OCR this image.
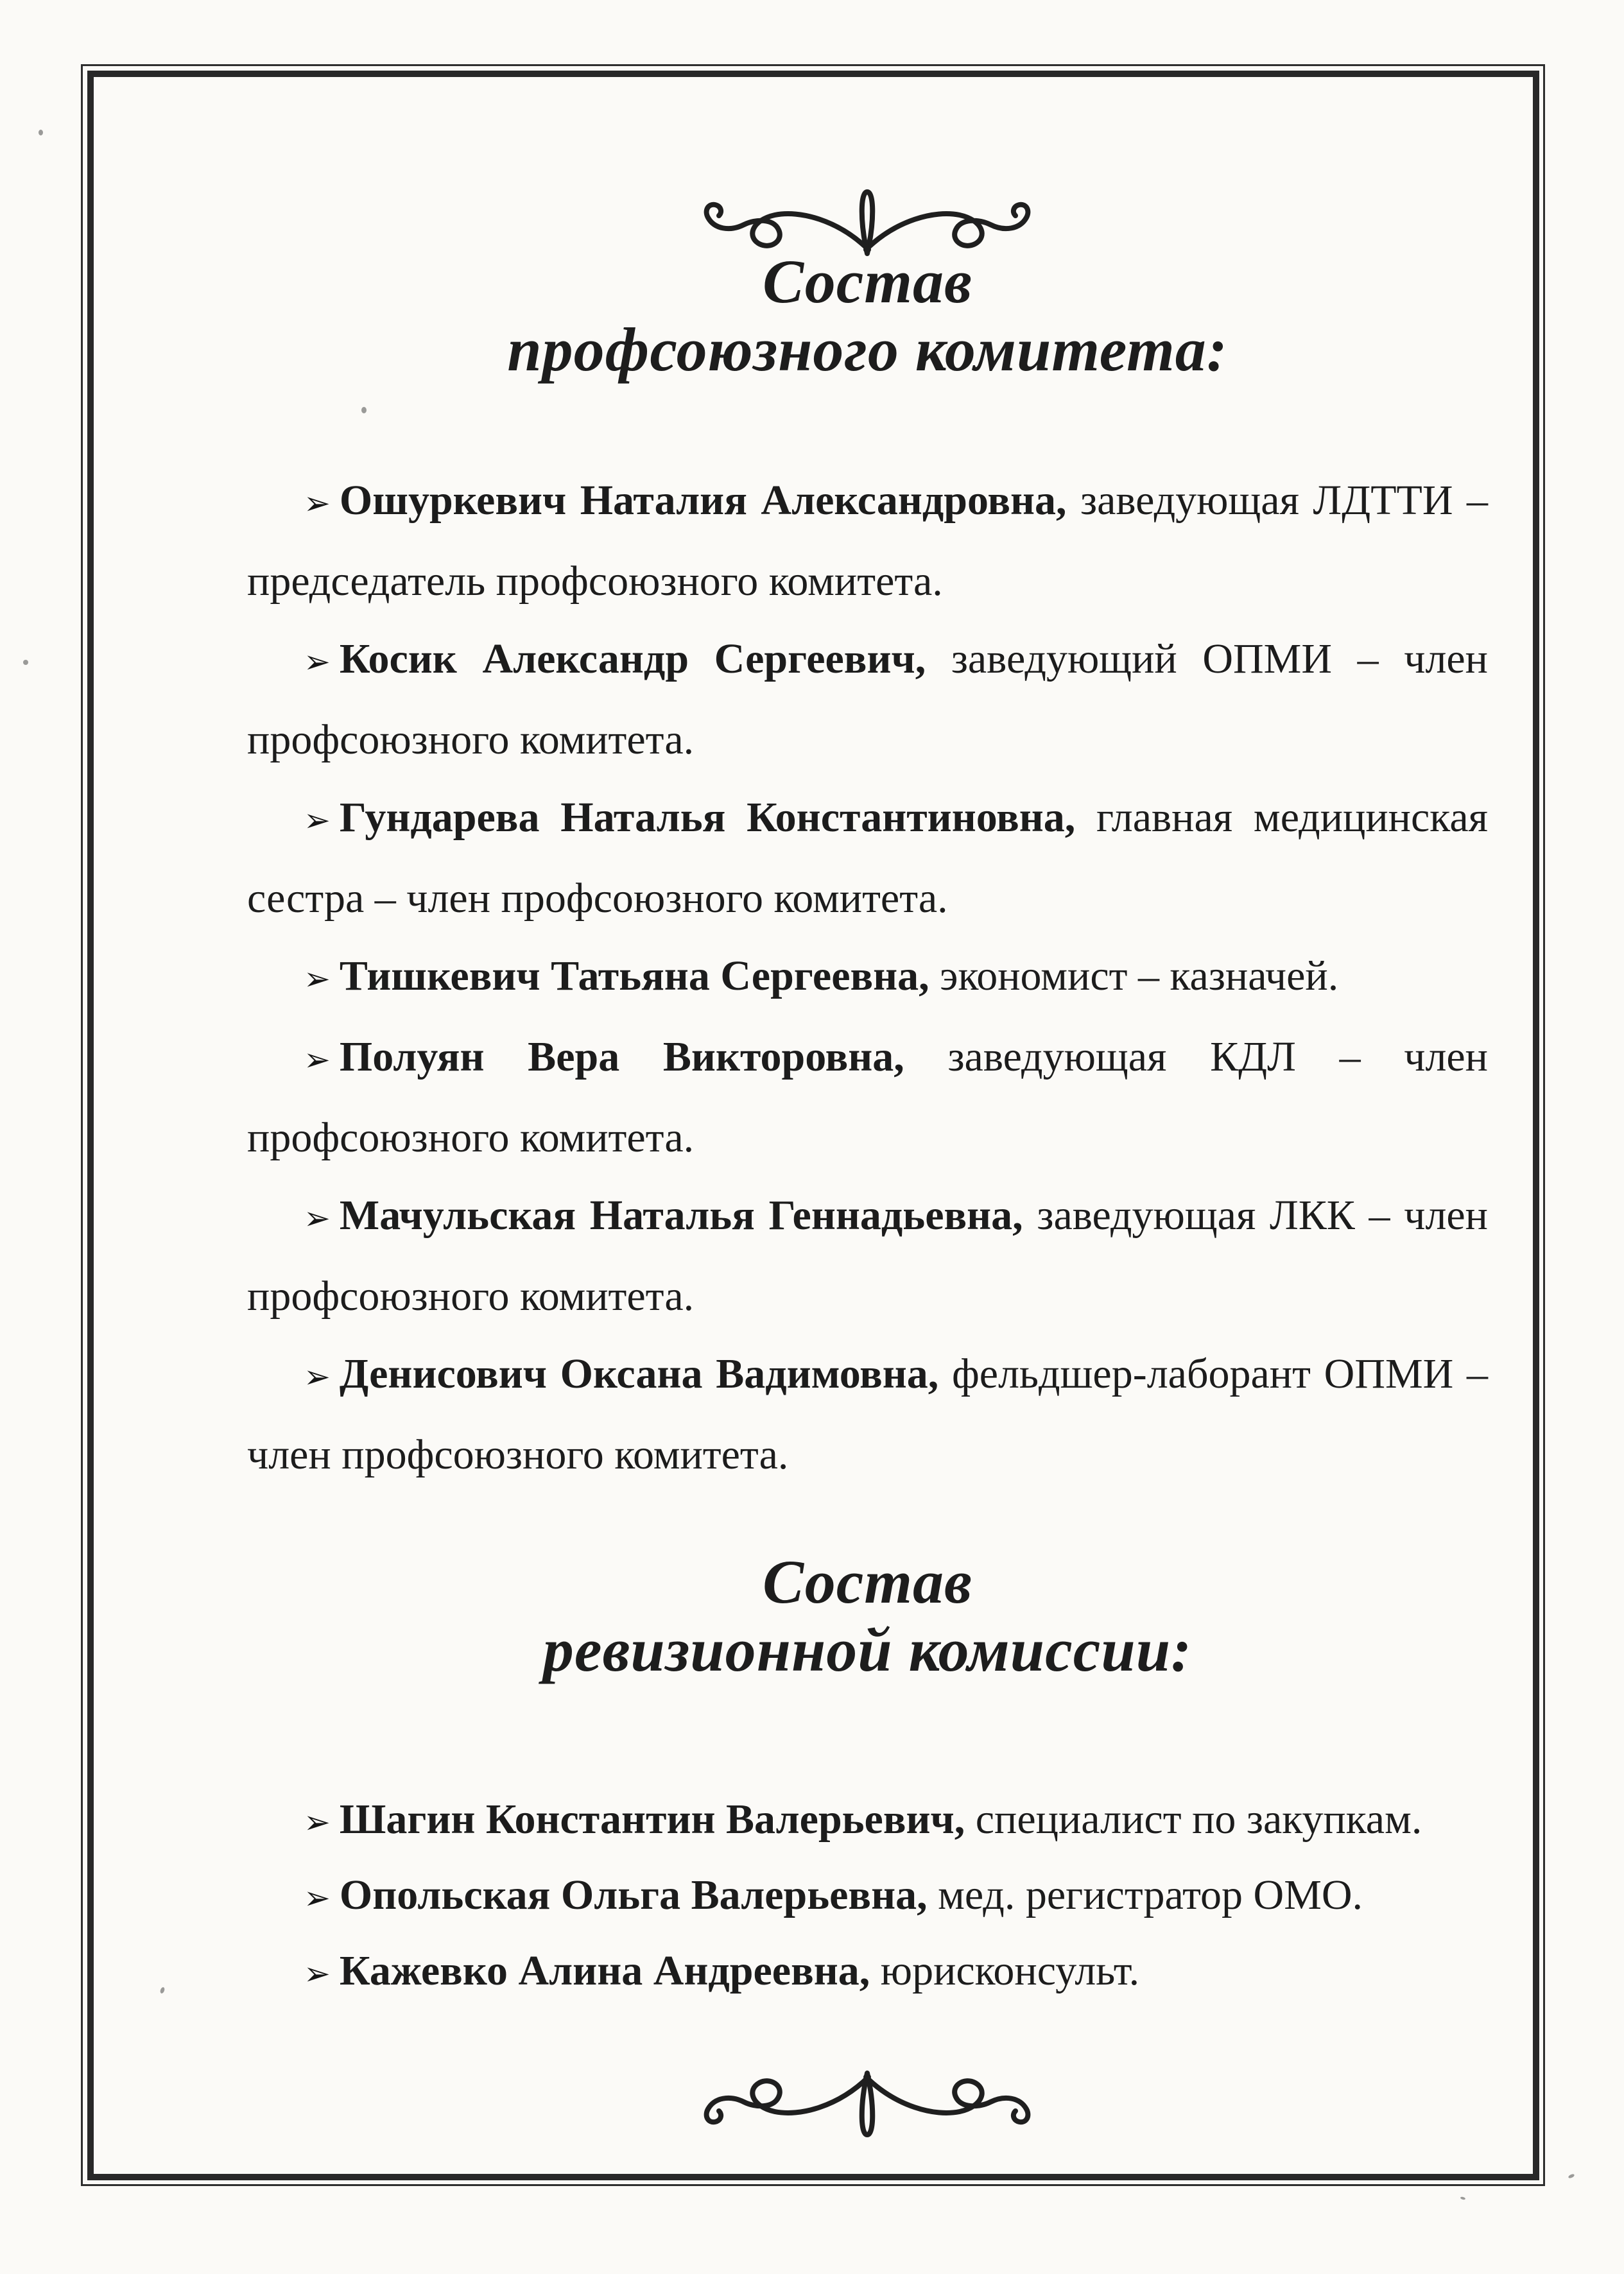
Состав
профсоюзного комитета:
➢ Ошуркевич Наталия Александровна, заведующая ЛДТТИ –
председатель профсоюзного комитета.
➢ Косик Александр Сергеевич, заведующий ОПМИ – член
профсоюзного комитета.
➢ Гундарева Наталья Константиновна, главная медицинская
сестра – член профсоюзного комитета.
➢ Тишкевич Татьяна Сергеевна, экономист – казначей.
➢ Полуян Вера Викторовна, заведующая КДЛ – член
профсоюзного комитета.
➢ Мачульская Наталья Геннадьевна, заведующая ЛКК – член
профсоюзного комитета.
➢ Денисович Оксана Вадимовна, фельдшер-лаборант ОПМИ –
член профсоюзного комитета.
Состав
ревизионной комиссии:
➢ Шагин Константин Валерьевич, специалист по закупкам.
➢ Опольская Ольга Валерьевна, мед. регистратор ОМО.
➢ Кажевко Алина Андреевна, юрисконсульт.
